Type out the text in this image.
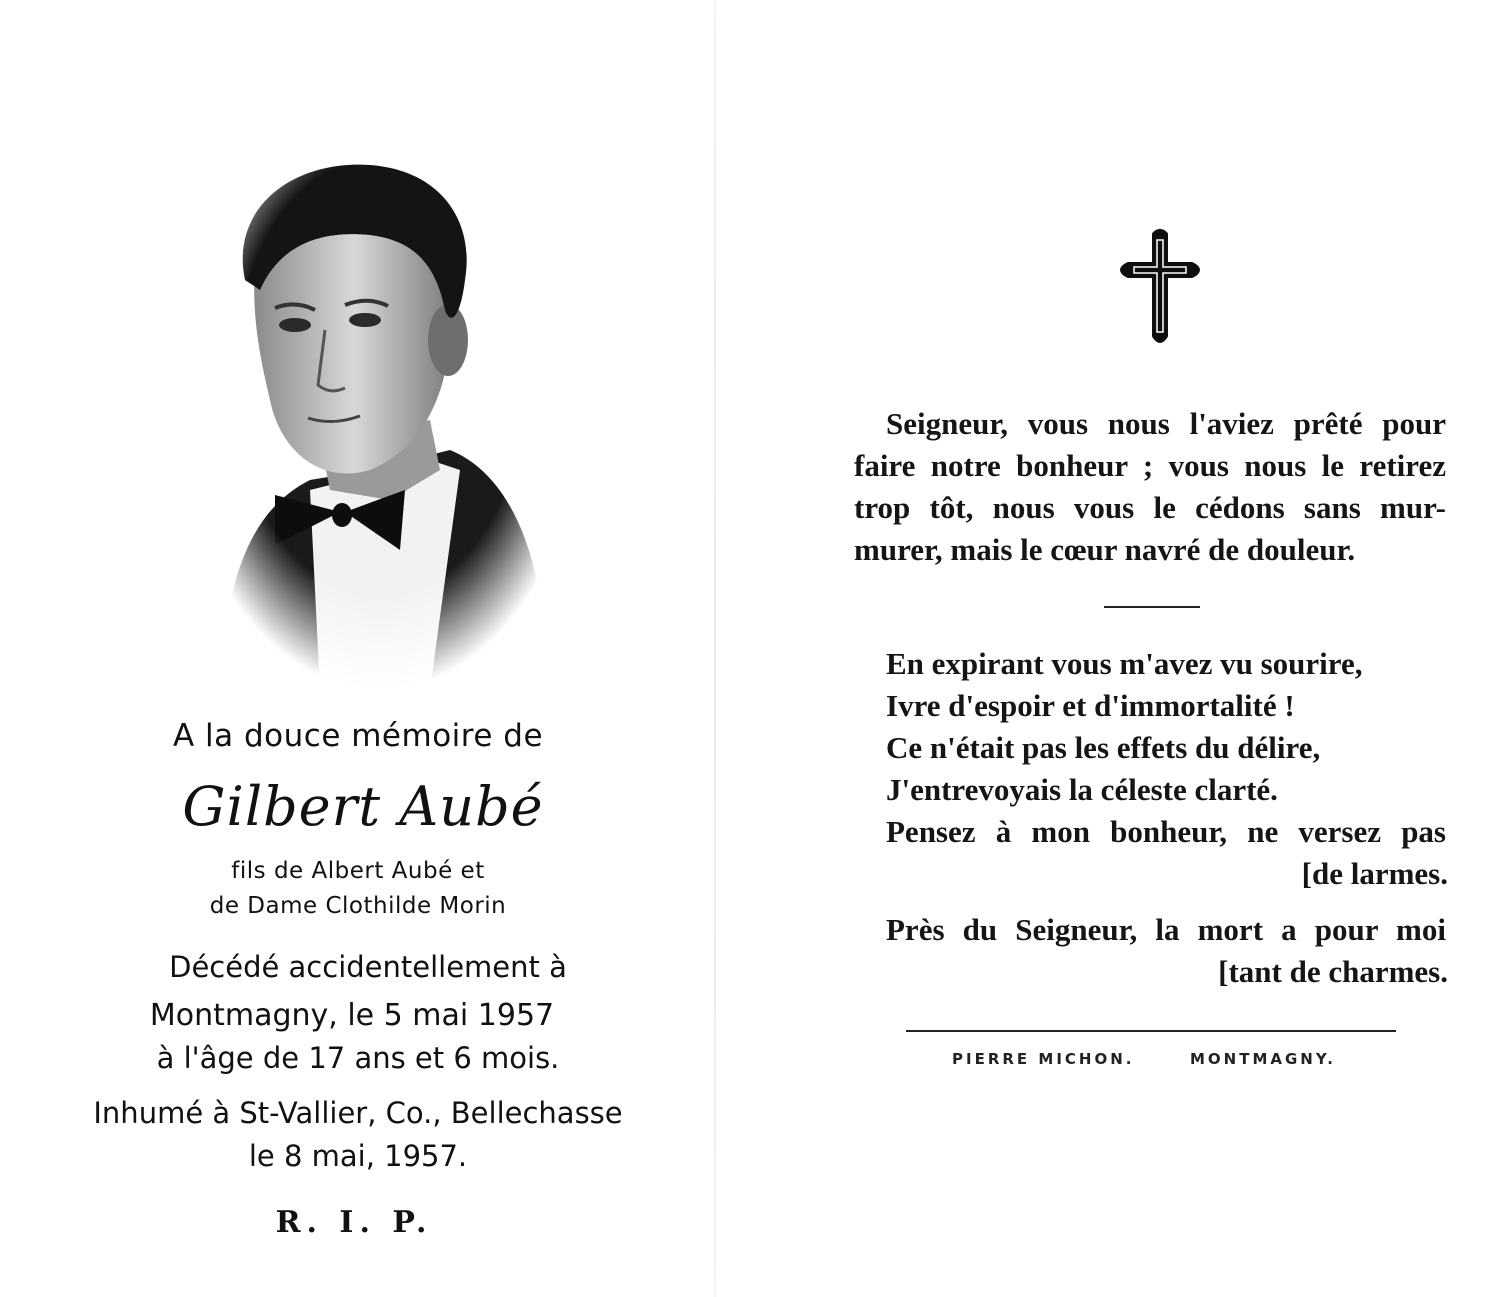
A la douce mémoire de
Gilbert Aubé
fils de Albert Aubé et
de Dame Clothilde Morin
Décédé accidentellement à
Montmagny, le 5 mai 1957
à l'âge de 17 ans et 6 mois.
Inhumé à St-Vallier, Co., Bellechasse
le 8 mai, 1957.
R. I. P.
Seigneur, vous nous l'aviez prêté pour
faire notre bonheur ; vous nous le retirez
trop tôt, nous vous le cédons sans mur-
murer, mais le cœur navré de douleur.
En expirant vous m'avez vu sourire,
Ivre d'espoir et d'immortalité !
Ce n'était pas les effets du délire,
J'entrevoyais la céleste clarté.
Pensez à mon bonheur, ne versez pas
[de larmes.
Près du Seigneur, la mort a pour moi
[tant de charmes.
PIERRE MICHON.	MONTMAGNY.
